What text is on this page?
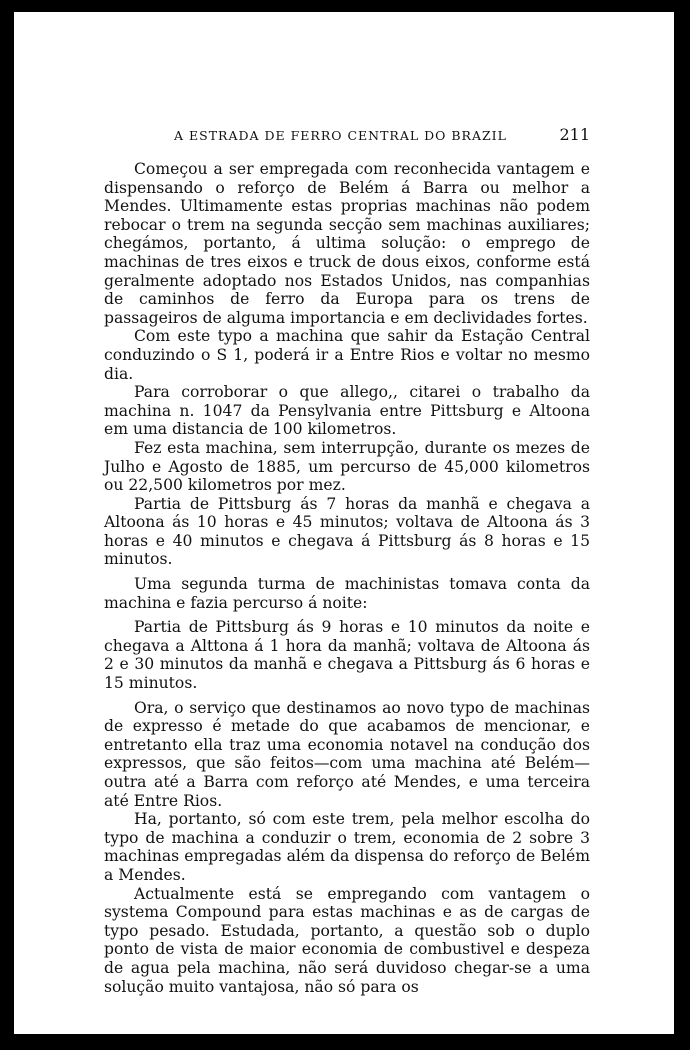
A ESTRADA DE FERRO CENTRAL DO BRAZIL	211

Começou a ser empregada com reconhecida vantagem e dispensando o reforço de Belém á Barra ou melhor a Mendes. Ultimamente estas proprias machinas não podem rebocar o trem na segunda secção sem machinas auxiliares; chegámos, portanto, á ultima solução: o emprego de machinas de tres eixos e truck de dous eixos, conforme está geralmente adoptado nos Estados Unidos, nas companhias de caminhos de ferro da Europa para os trens de passageiros de alguma importancia e em declividades fortes.

Com este typo a machina que sahir da Estação Central conduzindo o S 1, poderá ir a Entre Rios e voltar no mesmo dia.

Para corroborar o que allego,, citarei o trabalho da machina n. 1047 da Pensylvania entre Pittsburg e Altoona em uma distancia de 100 kilometros.

Fez esta machina, sem interrupção, durante os mezes de Julho e Agosto de 1885, um percurso de 45,000 kilometros ou 22,500 kilometros por mez.

Partia de Pittsburg ás 7 horas da manhã e chegava a Altoona ás 10 horas e 45 minutos; voltava de Altoona ás 3 horas e 40 minutos e chegava á Pittsburg ás 8 horas e 15 minutos.

Uma segunda turma de machinistas tomava conta da machina e fazia percurso á noite:

Partia de Pittsburg ás 9 horas e 10 minutos da noite e chegava a Alttona á 1 hora da manhã; voltava de Altoona ás 2 e 30 minutos da manhã e chegava a Pittsburg ás 6 horas e 15 minutos.

Ora, o serviço que destinamos ao novo typo de machinas de expresso é metade do que acabamos de mencionar, e entretanto ella traz uma economia notavel na condução dos expressos, que são feitos—com uma machina até Belém—outra até a Barra com reforço até Mendes, e uma terceira até Entre Rios.

Ha, portanto, só com este trem, pela melhor escolha do typo de machina a conduzir o trem, economia de 2 sobre 3 machinas empregadas além da dispensa do reforço de Belém a Mendes.

Actualmente está se empregando com vantagem o systema Compound para estas machinas e as de cargas de typo pesado. Estudada, portanto, a questão sob o duplo ponto de vista de maior economia de combustivel e despeza de agua pela machina, não será duvidoso chegar-se a uma solução muito vantajosa, não só para os
